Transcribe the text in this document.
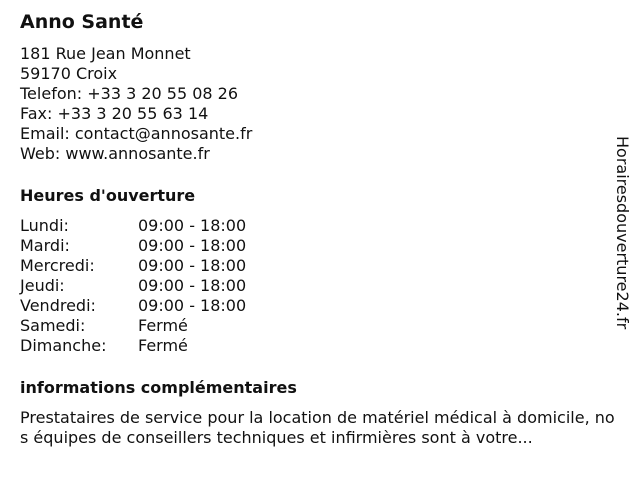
Anno Santé
181 Rue Jean Monnet
59170 Croix
Telefon: +33 3 20 55 08 26
Fax: +33 3 20 55 63 14
Email: contact@annosante.fr
Web: www.annosante.fr
Heures d'ouverture
Lundi:	09:00 - 18:00
Mardi:	09:00 - 18:00
Mercredi:	09:00 - 18:00
Jeudi:	09:00 - 18:00
Vendredi:	09:00 - 18:00
Samedi:	Fermé
Dimanche:	Fermé
informations complémentaires
Prestataires de service pour la location de matériel médical à domicile, nos équipes de conseillers techniques et infirmières sont à votre...
Horairesdouverture24.fr
